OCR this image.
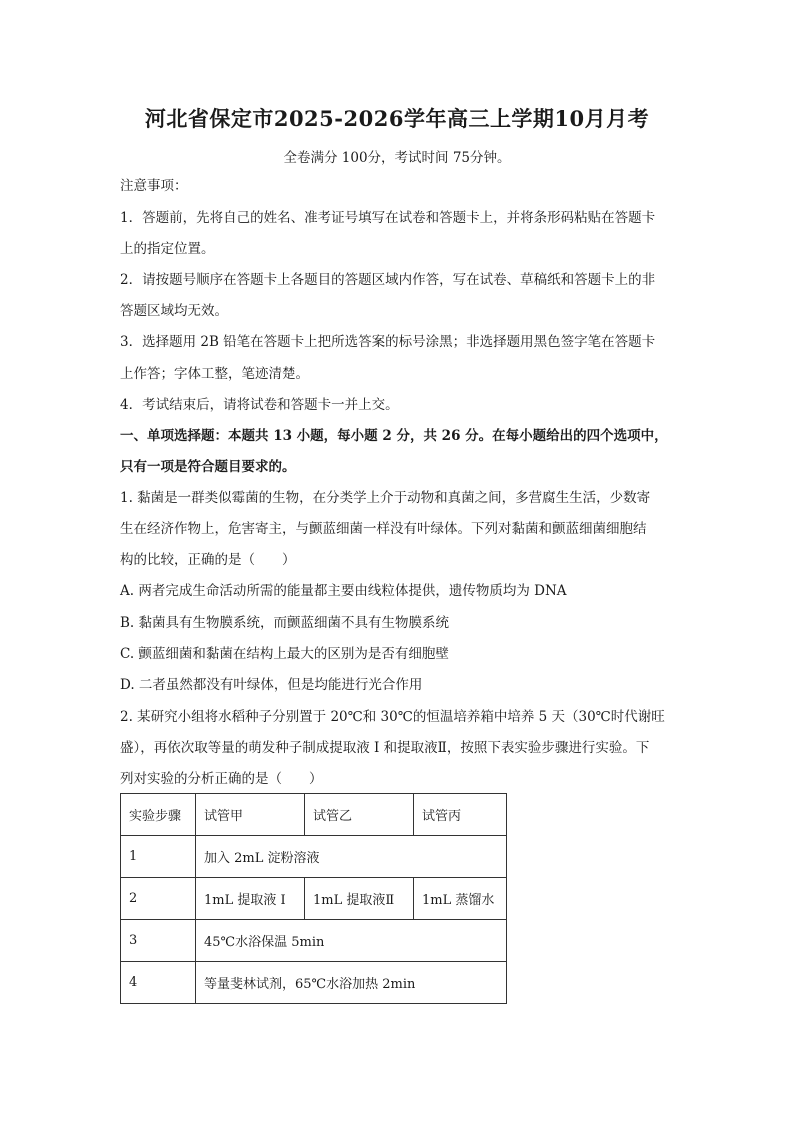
河北省保定市2025-2026学年高三上学期10月月考
全卷满分 100分，考试时间 75分钟。
注意事项：
1．答题前，先将自己的姓名、准考证号填写在试卷和答题卡上，并将条形码粘贴在答题卡
上的指定位置。
2．请按题号顺序在答题卡上各题目的答题区域内作答，写在试卷、草稿纸和答题卡上的非
答题区域均无效。
3．选择题用 2B 铅笔在答题卡上把所选答案的标号涂黑；非选择题用黑色签字笔在答题卡
上作答；字体工整，笔迹清楚。
4．考试结束后，请将试卷和答题卡一并上交。
一、单项选择题：本题共 13 小题，每小题 2 分，共 26 分。在每小题给出的四个选项中，
只有一项是符合题目要求的。
1. 黏菌是一群类似霉菌的生物，在分类学上介于动物和真菌之间，多营腐生生活，少数寄
生在经济作物上，危害寄主，与颤蓝细菌一样没有叶绿体。下列对黏菌和颤蓝细菌细胞结
构的比较，正确的是（　　）
A. 两者完成生命活动所需的能量都主要由线粒体提供，遗传物质均为 DNA
B. 黏菌具有生物膜系统，而颤蓝细菌不具有生物膜系统
C. 颤蓝细菌和黏菌在结构上最大的区别为是否有细胞壁
D. 二者虽然都没有叶绿体，但是均能进行光合作用
2. 某研究小组将水稻种子分别置于 20℃和 30℃的恒温培养箱中培养 5 天（30℃时代谢旺
盛），再依次取等量的萌发种子制成提取液 I 和提取液Ⅱ，按照下表实验步骤进行实验。下
列对实验的分析正确的是（　　）
实验步骤	试管甲	试管乙	试管丙
1	加入 2mL 淀粉溶液		
2	1mL 提取液 I	1mL 提取液Ⅱ	1mL 蒸馏水
3	45℃水浴保温 5min		
4	等量斐林试剂，65℃水浴加热 2min		
